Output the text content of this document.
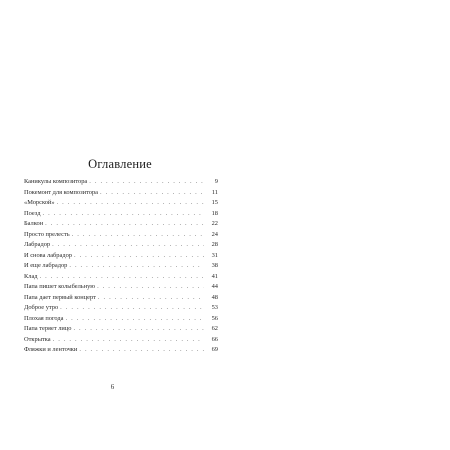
Оглавление
Каникулы композитора . . .	9
Покемонт для композитора . . .	11
«Морской» . . .	15
Поезд . . .	18
Балкон . . .	22
Просто прелесть . . .	24
Лабрадор . . .	28
И снова лабрадор . . .	31
И еще лабрадор . . .	38
Клад . . .	41
Папа пишет колыбельную . . .	44
Папа дает первый концерт . . .	48
Доброе утро . . .	53
Плохая погода . . .	56
Папа теряет лицо . . .	62
Открытка . . .	66
Фляжки и ленточки . . .	69
6
